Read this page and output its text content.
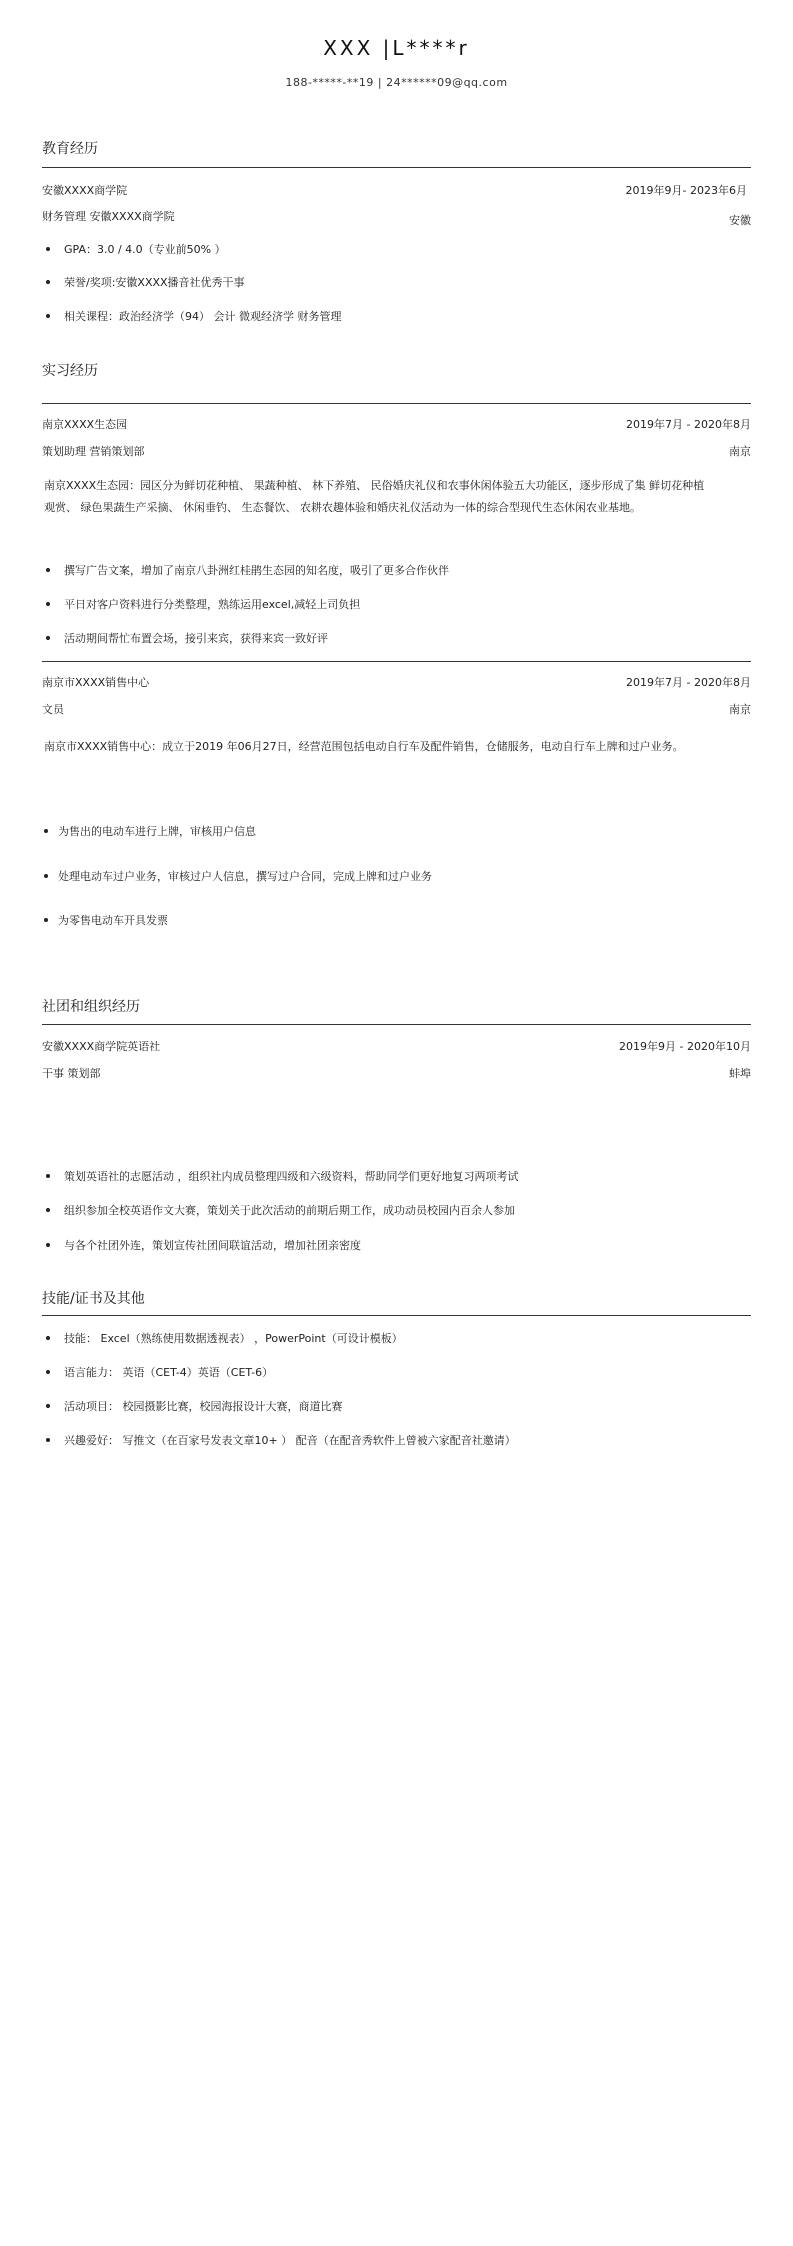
XXX |L****r
188-*****-**19 | 24******09@qq.com
教育经历
安徽XXXX商学院	2019年9月- 2023年6月
财务管理 安徽XXXX商学院	安徽
GPA：3.0 / 4.0（专业前50% ）
荣誉/奖项:安徽XXXX播音社优秀干事
相关课程：政治经济学（94） 会计 微观经济学 财务管理
实习经历
南京XXXX生态园	2019年7月 - 2020年8月
策划助理 营销策划部	南京
南京XXXX生态园：园区分为鲜切花种植、 果蔬种植、 林下养殖、 民俗婚庆礼仪和农事休闲体验五大功能区，逐步形成了集 鲜切花种植观赏、 绿色果蔬生产采摘、 休闲垂钓、 生态餐饮、 农耕农趣体验和婚庆礼仪活动为一体的综合型现代生态休闲农业基地。
撰写广告文案，增加了南京八卦洲红桂鹃生态园的知名度，吸引了更多合作伙伴
平日对客户资料进行分类整理，熟练运用excel,减轻上司负担
活动期间帮忙布置会场，接引来宾，获得来宾一致好评
南京市XXXX销售中心	2019年7月 - 2020年8月
文员	南京
南京市XXXX销售中心：成立于2019 年06月27日，经营范围包括电动自行车及配件销售，仓储服务，电动自行车上牌和过户业务。
为售出的电动车进行上牌，审核用户信息
处理电动车过户业务，审核过户人信息，撰写过户合同，完成上牌和过户业务
为零售电动车开具发票
社团和组织经历
安徽XXXX商学院英语社	2019年9月 - 2020年10月
干事 策划部	蚌埠
策划英语社的志愿活动 ，组织社内成员整理四级和六级资料，帮助同学们更好地复习两项考试
组织参加全校英语作文大赛，策划关于此次活动的前期后期工作，成功动员校园内百余人参加
与各个社团外连，策划宣传社团间联谊活动，增加社团亲密度
技能/证书及其他
技能： Excel（熟练使用数据透视表） ，PowerPoint（可设计模板）
语言能力： 英语（CET-4）英语（CET-6）
活动项目： 校园摄影比赛，校园海报设计大赛，商道比赛
兴趣爱好： 写推文（在百家号发表文章10+ ） 配音（在配音秀软件上曾被六家配音社邀请）
